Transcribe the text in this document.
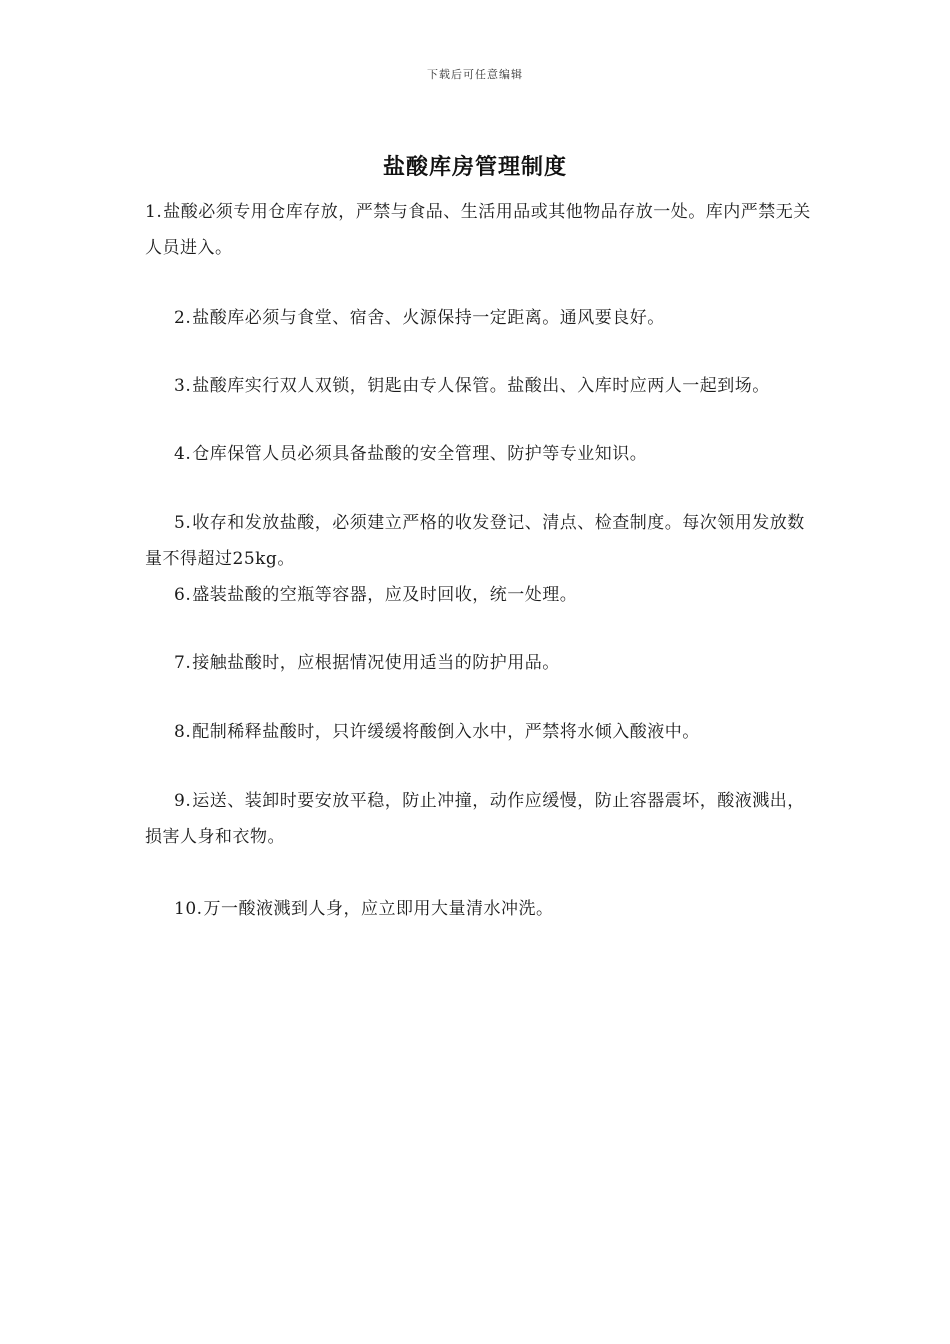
下载后可任意编辑
盐酸库房管理制度
1.盐酸必须专用仓库存放，严禁与食品、生活用品或其他物品存放一处。库内严禁无关人员进入。
2.盐酸库必须与食堂、宿舍、火源保持一定距离。通风要良好。
3.盐酸库实行双人双锁，钥匙由专人保管。盐酸出、入库时应两人一起到场。
4.仓库保管人员必须具备盐酸的安全管理、防护等专业知识。
5.收存和发放盐酸，必须建立严格的收发登记、清点、检查制度。每次领用发放数量不得超过25kg。
6.盛装盐酸的空瓶等容器，应及时回收，统一处理。
7.接触盐酸时，应根据情况使用适当的防护用品。
8.配制稀释盐酸时，只许缓缓将酸倒入水中，严禁将水倾入酸液中。
9.运送、装卸时要安放平稳，防止冲撞，动作应缓慢，防止容器震坏，酸液溅出，损害人身和衣物。
10.万一酸液溅到人身，应立即用大量清水冲洗。
